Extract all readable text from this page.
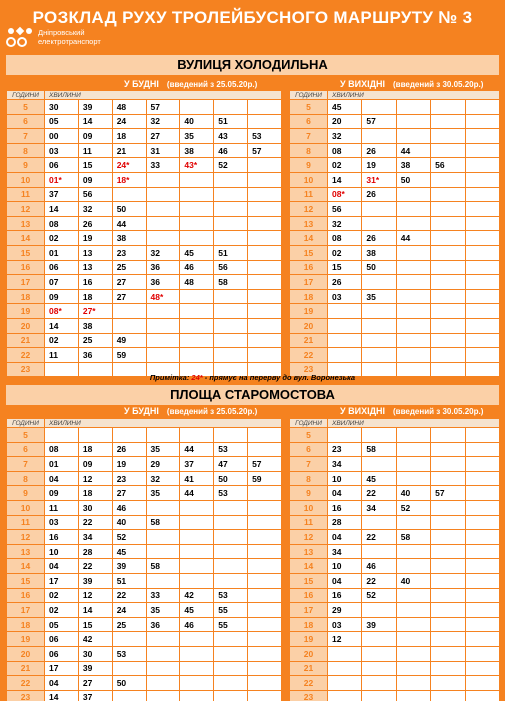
РОЗКЛАД РУХУ ТРОЛЕЙБУСНОГО МАРШРУТУ № 3
Дніпровський
електротранспорт
ВУЛИЦЯ ХОЛОДИЛЬНА
У БУДНІ (введений з 25.05.20р.)	У ВИХІДНІ (введений з 30.05.20р.)
ГОДИНИ	ХВИЛИНИ						
5	30	39	48	57			
6	05	14	24	32	40	51	
7	00	09	18	27	35	43	53
8	03	11	21	31	38	46	57
9	06	15	24*	33	43*	52	
10	01*	09	18*				
11	37	56					
12	14	32	50				
13	08	26	44				
14	02	19	38				
15	01	13	23	32	45	51	
16	06	13	25	36	46	56	
17	07	16	27	36	48	58	
18	09	18	27	48*			
19	08*	27*					
20	14	38					
21	02	25	49				
22	11	36	59				
23							
ГОДИНИ	ХВИЛИНИ				
5	45				
6	20	57			
7	32				
8	08	26	44		
9	02	19	38	56	
10	14	31*	50		
11	08*	26			
12	56				
13	32				
14	08	26	44		
15	02	38			
16	15	50			
17	26				
18	03	35			
19					
20					
21					
22					
23					
ПЛОЩА СТАРОМОСТОВА
У БУДНІ (введений з 25.05.20р.)	У ВИХІДНІ (введений з 30.05.20р.)
ГОДИНИ	ХВИЛИНИ						
5							
6	08	18	26	35	44	53	
7	01	09	19	29	37	47	57
8	04	12	23	32	41	50	59
9	09	18	27	35	44	53	
10	11	30	46				
11	03	22	40	58			
12	16	34	52				
13	10	28	45				
14	04	22	39	58			
15	17	39	51				
16	02	12	22	33	42	53	
17	02	14	24	35	45	55	
18	05	15	25	36	46	55	
19	06	42					
20	06	30	53				
21	17	39					
22	04	27	50				
23	14	37					
ГОДИНИ	ХВИЛИНИ				
5					
6	23	58			
7	34				
8	10	45			
9	04	22	40	57	
10	16	34	52		
11	28				
12	04	22	58		
13	34				
14	10	46			
15	04	22	40		
16	16	52			
17	29				
18	03	39			
19	12				
20					
21					
22					
23					
Примітка: 24* - прямує на перерву до вул. Воронезька
